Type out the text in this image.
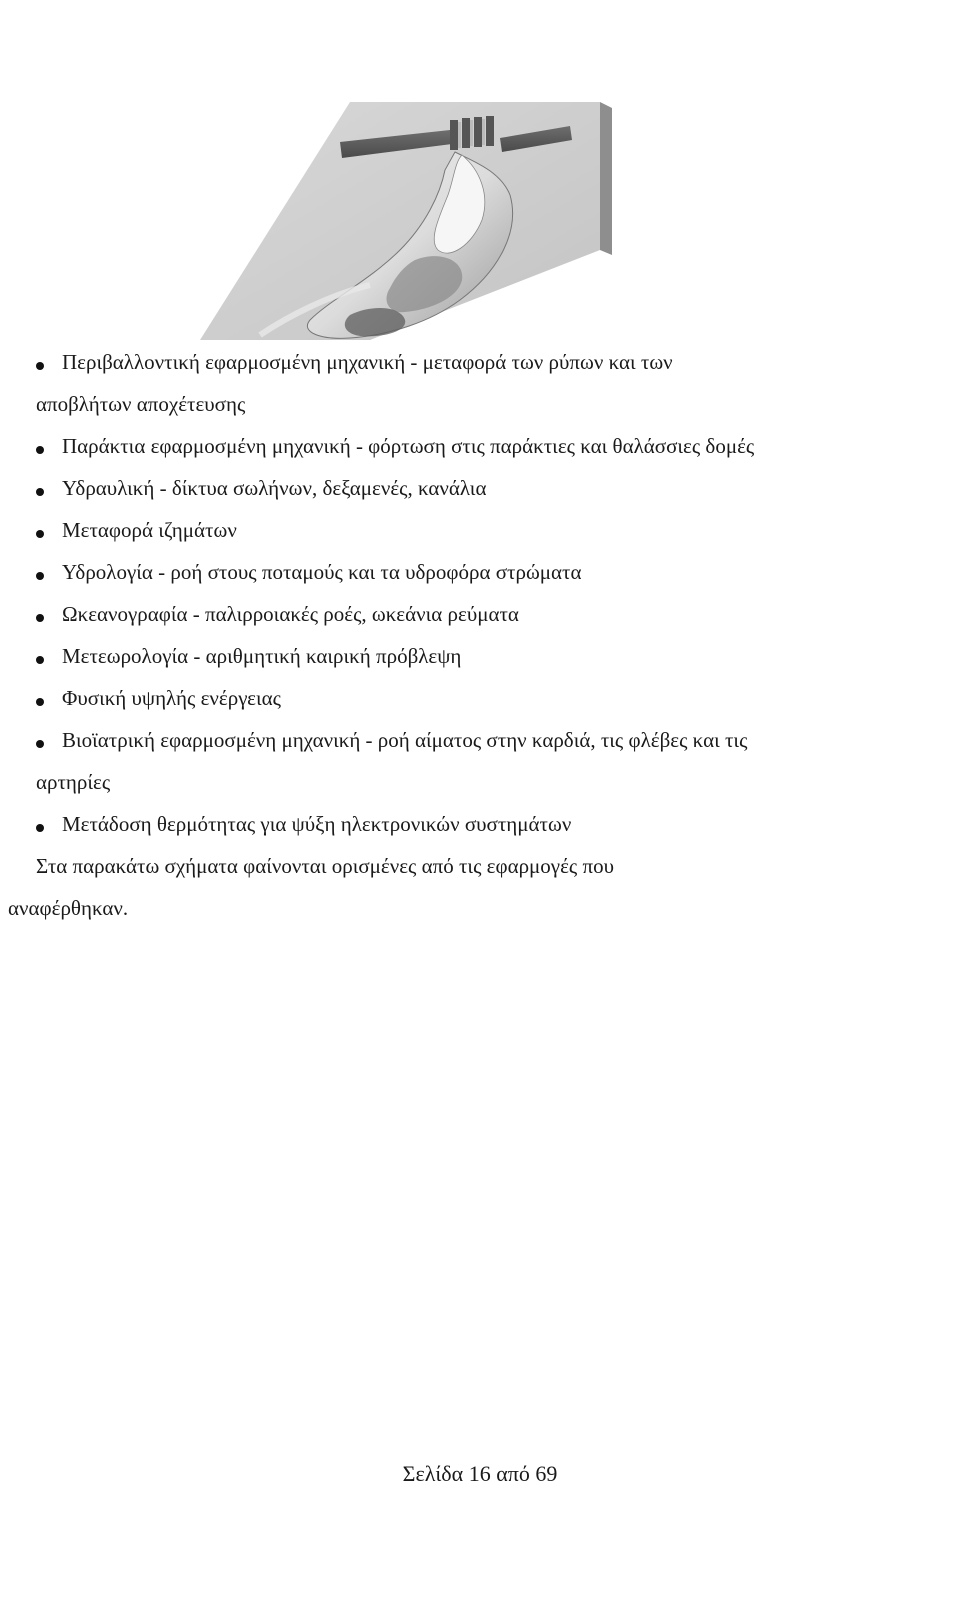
Περιβαλλοντική εφαρμοσμένη μηχανική - μεταφορά των ρύπων και των
αποβλήτων αποχέτευσης
Παράκτια εφαρμοσμένη μηχανική - φόρτωση στις παράκτιες και θαλάσσιες δομές
Υδραυλική - δίκτυα σωλήνων, δεξαμενές, κανάλια
Μεταφορά ιζημάτων
Υδρολογία - ροή στους ποταμούς και τα υδροφόρα στρώματα
Ωκεανογραφία - παλιρροιακές ροές, ωκεάνια ρεύματα
Μετεωρολογία - αριθμητική καιρική πρόβλεψη
Φυσική υψηλής ενέργειας
Βιοϊατρική εφαρμοσμένη μηχανική - ροή αίματος στην καρδιά, τις φλέβες και τις
αρτηρίες
Μετάδοση θερμότητας για ψύξη ηλεκτρονικών συστημάτων
Στα παρακάτω σχήματα φαίνονται ορισμένες από τις εφαρμογές που
αναφέρθηκαν.
Σελίδα 16 από 69
